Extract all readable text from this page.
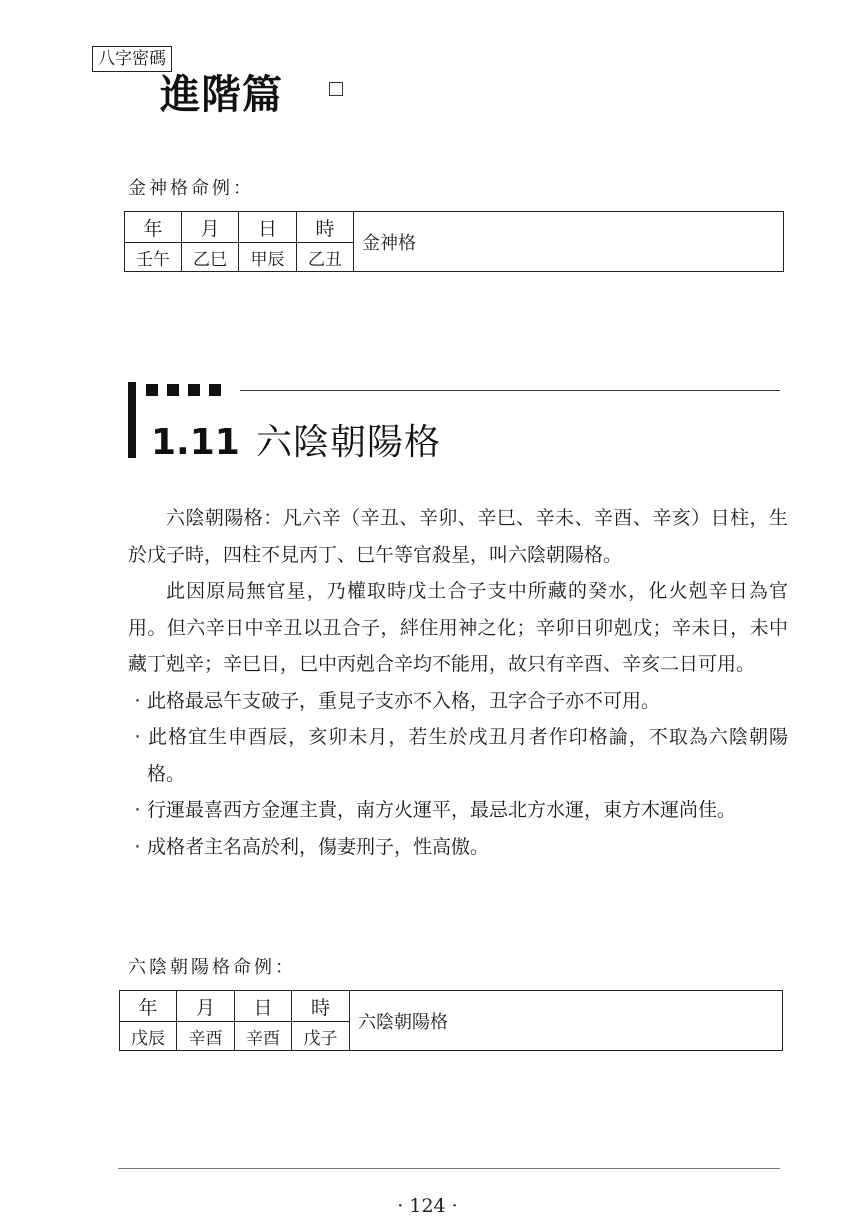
八字密碼
進階篇
金神格命例：
年	月	日	時	金神格
壬午	乙巳	甲辰	乙丑	
1.11 六陰朝陽格

六陰朝陽格：凡六辛（辛丑、辛卯、辛巳、辛未、辛酉、辛亥）日柱，生於戊子時，四柱不見丙丁、巳午等官殺星，叫六陰朝陽格。

此因原局無官星，乃權取時戊土合子支中所藏的癸水，化火剋辛日為官用。但六辛日中辛丑以丑合子，絆住用神之化；辛卯日卯剋戊；辛未日，未中藏丁剋辛；辛巳日，巳中丙剋合辛均不能用，故只有辛酉、辛亥二日可用。

· 此格最忌午支破子，重見子支亦不入格，丑字合子亦不可用。
· 此格宜生申酉辰，亥卯未月，若生於戌丑月者作印格論，不取為六陰朝陽格。
· 行運最喜西方金運主貴，南方火運平，最忌北方水運，東方木運尚佳。
· 成格者主名高於利，傷妻刑子，性高傲。
六陰朝陽格命例：
年	月	日	時	六陰朝陽格
戊辰	辛酉	辛酉	戊子	
· 124 ·
